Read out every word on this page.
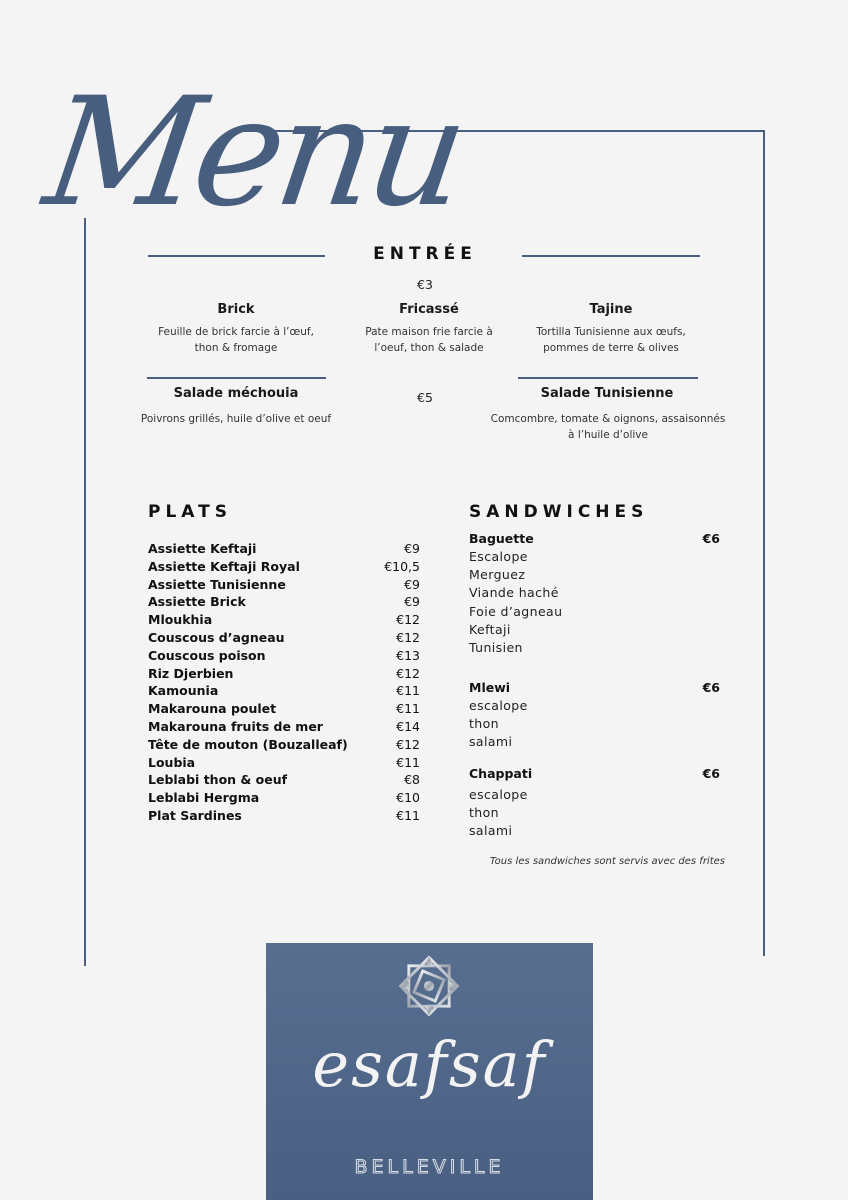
Menu
ENTRÉE
€3
Brick
Feuille de brick farcie à l’œuf,
thon & fromage
Fricassé
Pate maison frie farcie à
l’oeuf, thon & salade
Tajine
Tortilla Tunisienne aux œufs,
pommes de terre & olives
Salade méchouia
Poivrons grillés, huile d’olive et oeuf
€5	Salade Tunisienne
Comcombre, tomate & oignons, assaisonnés
à l’huile d’olive
PLATS
Assiette Keftaji	€9
Assiette Keftaji Royal	€10,5
Assiette Tunisienne	€9
Assiette Brick	€9
Mloukhia	€12
Couscous d’agneau	€12
Couscous poison	€13
Riz Djerbien	€12
Kamounia	€11
Makarouna poulet	€11
Makarouna fruits de mer	€14
Tête de mouton (Bouzalleaf)	€12
Loubia	€11
Leblabi thon & oeuf	€8
Leblabi Hergma	€10
Plat Sardines	€11
SANDWICHES
Baguette	€6
Escalope
Merguez
Viande haché
Foie d’agneau
Keftaji
Tunisien
Mlewi	€6
escalope
thon
salami
Chappati	€6
escalope
thon
salami
Tous les sandwiches sont servis avec des frites
esafsaf
BELLEVILLE
